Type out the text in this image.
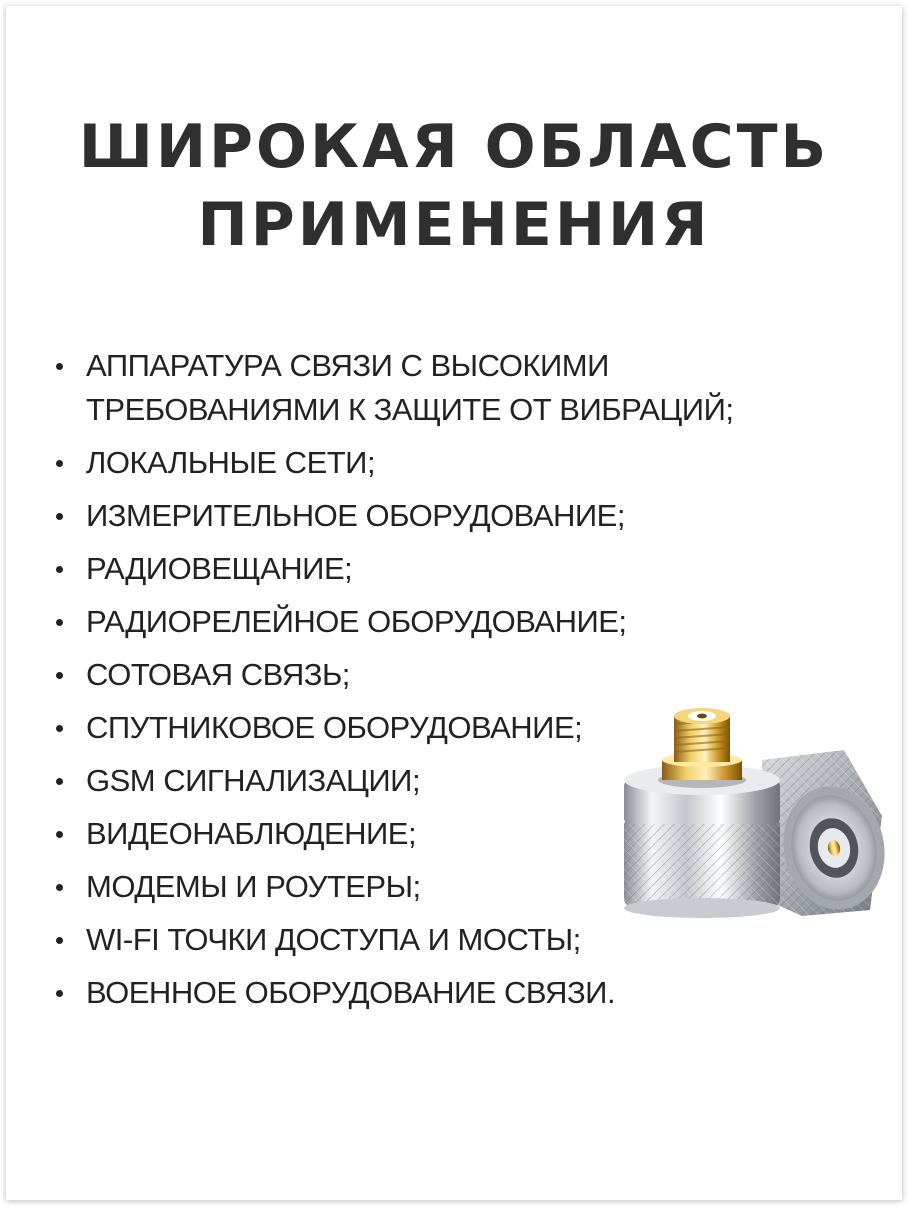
ШИРОКАЯ ОБЛАСТЬ
ПРИМЕНЕНИЯ
АППАРАТУРА СВЯЗИ С ВЫСОКИМИ
ТРЕБОВАНИЯМИ К ЗАЩИТЕ ОТ ВИБРАЦИЙ;
ЛОКАЛЬНЫЕ СЕТИ;
ИЗМЕРИТЕЛЬНОЕ ОБОРУДОВАНИЕ;
РАДИОВЕЩАНИЕ;
РАДИОРЕЛЕЙНОЕ ОБОРУДОВАНИЕ;
СОТОВАЯ СВЯЗЬ;
СПУТНИКОВОЕ ОБОРУДОВАНИЕ;
GSM СИГНАЛИЗАЦИИ;
ВИДЕОНАБЛЮДЕНИЕ;
МОДЕМЫ И РОУТЕРЫ;
WI-FI ТОЧКИ ДОСТУПА И МОСТЫ;
ВОЕННОЕ ОБОРУДОВАНИЕ СВЯЗИ.
